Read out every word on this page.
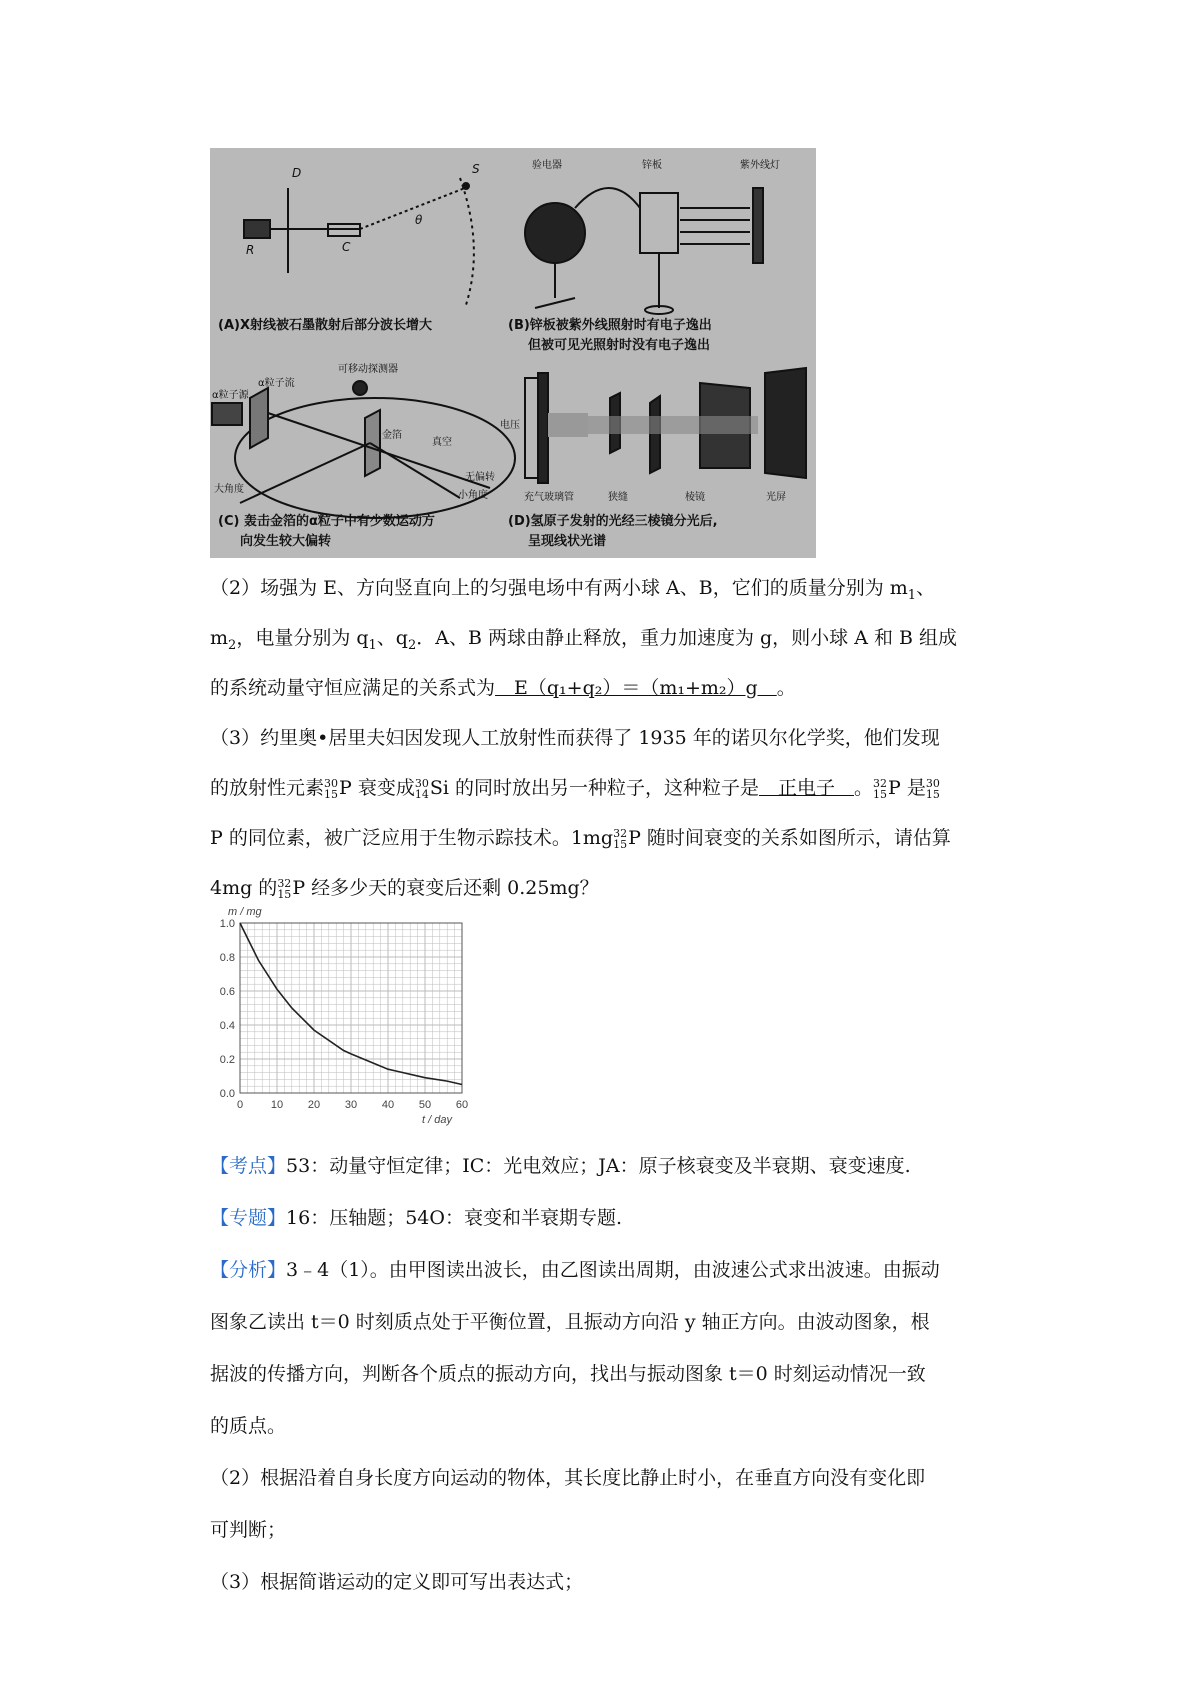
D	S
R	C
θ
(A)X射线被石墨散射后部分波长增大
验电器	锌板	紫外线灯
(B)锌板被紫外线照射时有电子逸出
但被可见光照射时没有电子逸出
α粒子流
可移动探测器
α粒子源
金箔
真空
大角度
无偏转
小角度
(C) 轰击金箔的α粒子中有少数运动方
向发生较大偏转
电压
充气玻璃管	狭缝	棱镜	光屏
(D)氢原子发射的光经三棱镜分光后,
呈现线状光谱
（2）场强为 E、方向竖直向上的匀强电场中有两小球 A、B，它们的质量分别为 $m_1$、
$m_2$，电量分别为 $q_1$、$q_2$．A、B 两球由静止释放，重力加速度为 g，则小球 A 和 B 组成
的系统动量守恒应满足的关系式为　E（q₁+q₂）＝（m₁+m₂）g　。
（3）约里奥•居里夫妇因发现人工放射性而获得了 1935 年的诺贝尔化学奖，他们发现
的放射性元素 30
15 P 衰变成 30
14 Si 的同时放出另一种粒子，这种粒子是　正电子　。 32
15 P 是 30
15
P 的同位素，被广泛应用于生物示踪技术。1mg 32
15 P 随时间衰变的关系如图所示，请估算
4mg 的 32
15 P 经多少天的衰变后还剩 0.25mg？
0	10 20 30 40 50 60
0.0
0.2
0.4
0.6
0.8
1.0
m / mg
t / day
【考点】53：动量守恒定律；IC：光电效应；JA：原子核衰变及半衰期、衰变速度.
【专题】16：压轴题；54O：衰变和半衰期专题.
【分析】3﹣4（1）。由甲图读出波长，由乙图读出周期，由波速公式求出波速。由振动
图象乙读出 t＝0 时刻质点处于平衡位置，且振动方向沿 y 轴正方向。由波动图象，根
据波的传播方向，判断各个质点的振动方向，找出与振动图象 t＝0 时刻运动情况一致
的质点。
（2）根据沿着自身长度方向运动的物体，其长度比静止时小，在垂直方向没有变化即
可判断；
（3）根据简谐运动的定义即可写出表达式；
